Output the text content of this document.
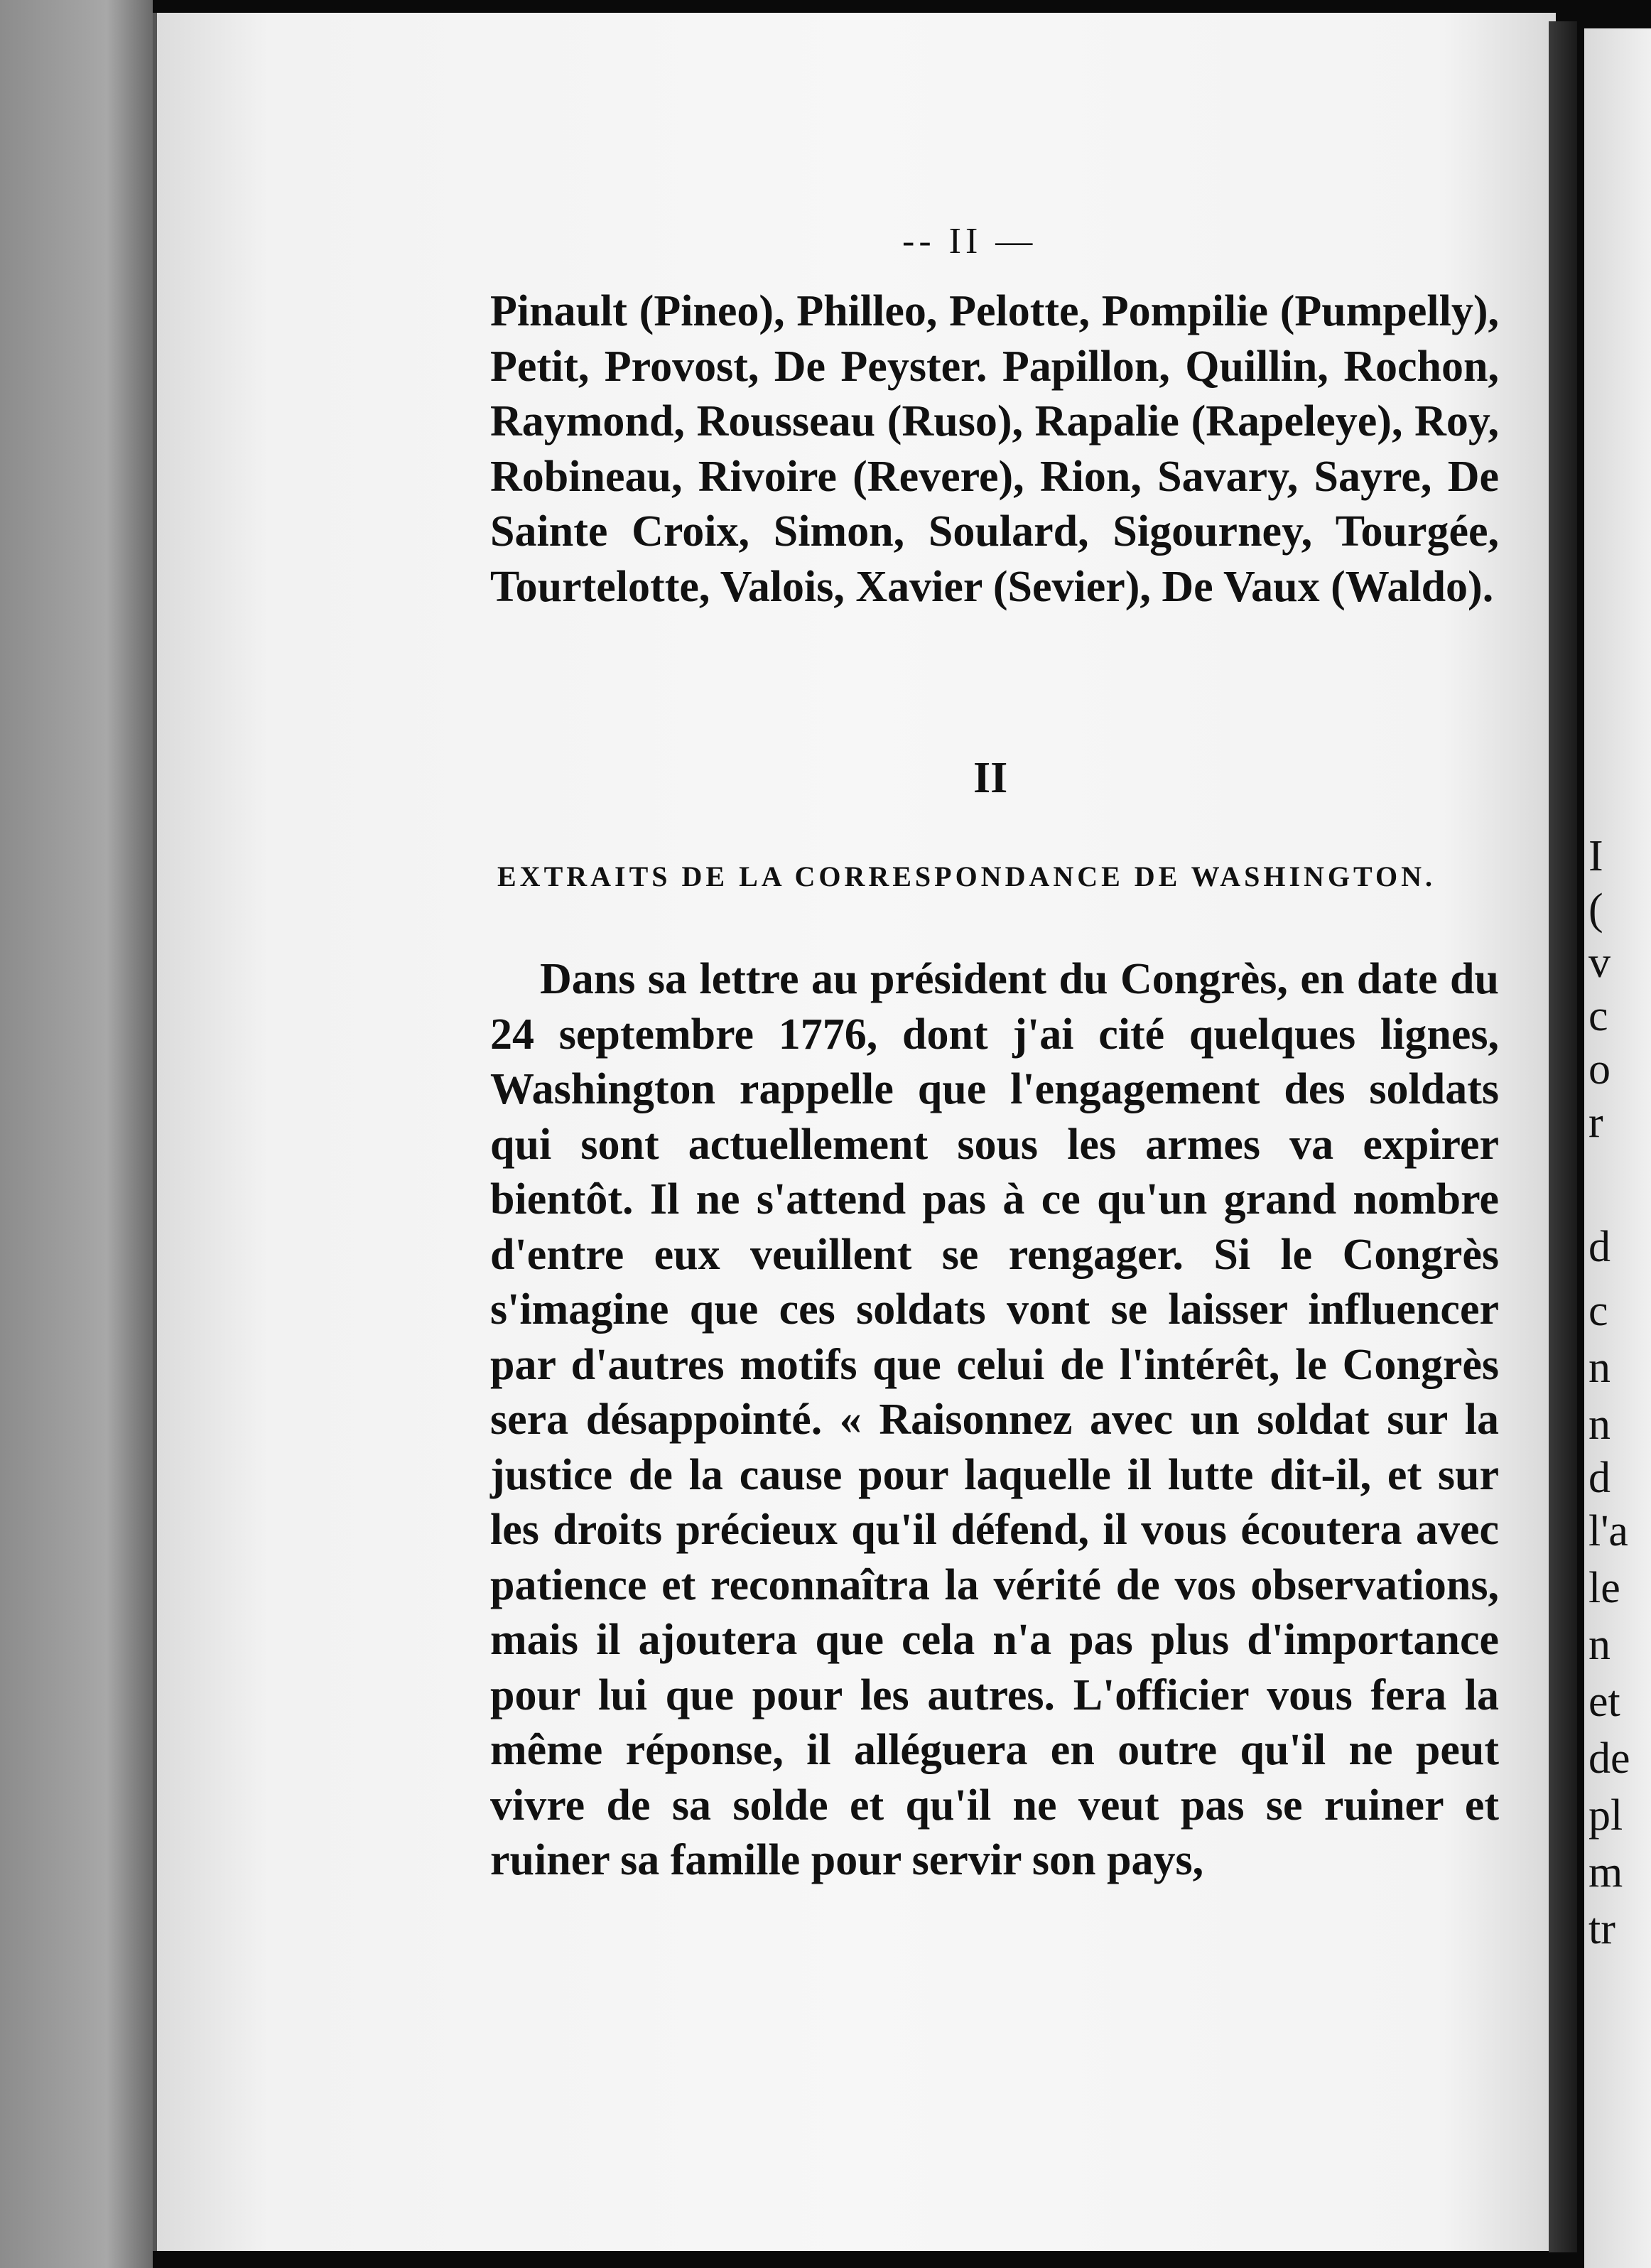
I
(
v
c
o
r
d
c
n
n
d
l'a
le
n
et
de
pl
m
tr
-- II —

Pinault (Pineo), Philleo, Pelotte, Pompilie (Pumpelly), Petit, Provost, De Peyster. Papillon, Quillin, Rochon, Raymond, Rousseau (Ruso), Rapalie (Rapeleye), Roy, Robineau, Rivoire (Revere), Rion, Savary, Sayre, De Sainte Croix, Simon, Soulard, Sigourney, Tourgée, Tourtelotte, Valois, Xavier (Sevier), De Vaux (Waldo).

II
EXTRAITS DE LA CORRESPONDANCE DE WASHINGTON.

Dans sa lettre au président du Congrès, en date du 24 septembre 1776, dont j'ai cité quelques lignes, Washington rappelle que l'engagement des soldats qui sont actuellement sous les armes va expirer bientôt. Il ne s'attend pas à ce qu'un grand nombre d'entre eux veuillent se rengager. Si le Congrès s'imagine que ces soldats vont se laisser influencer par d'autres motifs que celui de l'intérêt, le Congrès sera désappointé. « Raisonnez avec un soldat sur la justice de la cause pour laquelle il lutte dit-il, et sur les droits précieux qu'il défend, il vous écoutera avec patience et reconnaîtra la vérité de vos observations, mais il ajoutera que cela n'a pas plus d'importance pour lui que pour les autres. L'officier vous fera la même réponse, il alléguera en outre qu'il ne peut vivre de sa solde et qu'il ne veut pas se ruiner et ruiner sa famille pour servir son pays,
